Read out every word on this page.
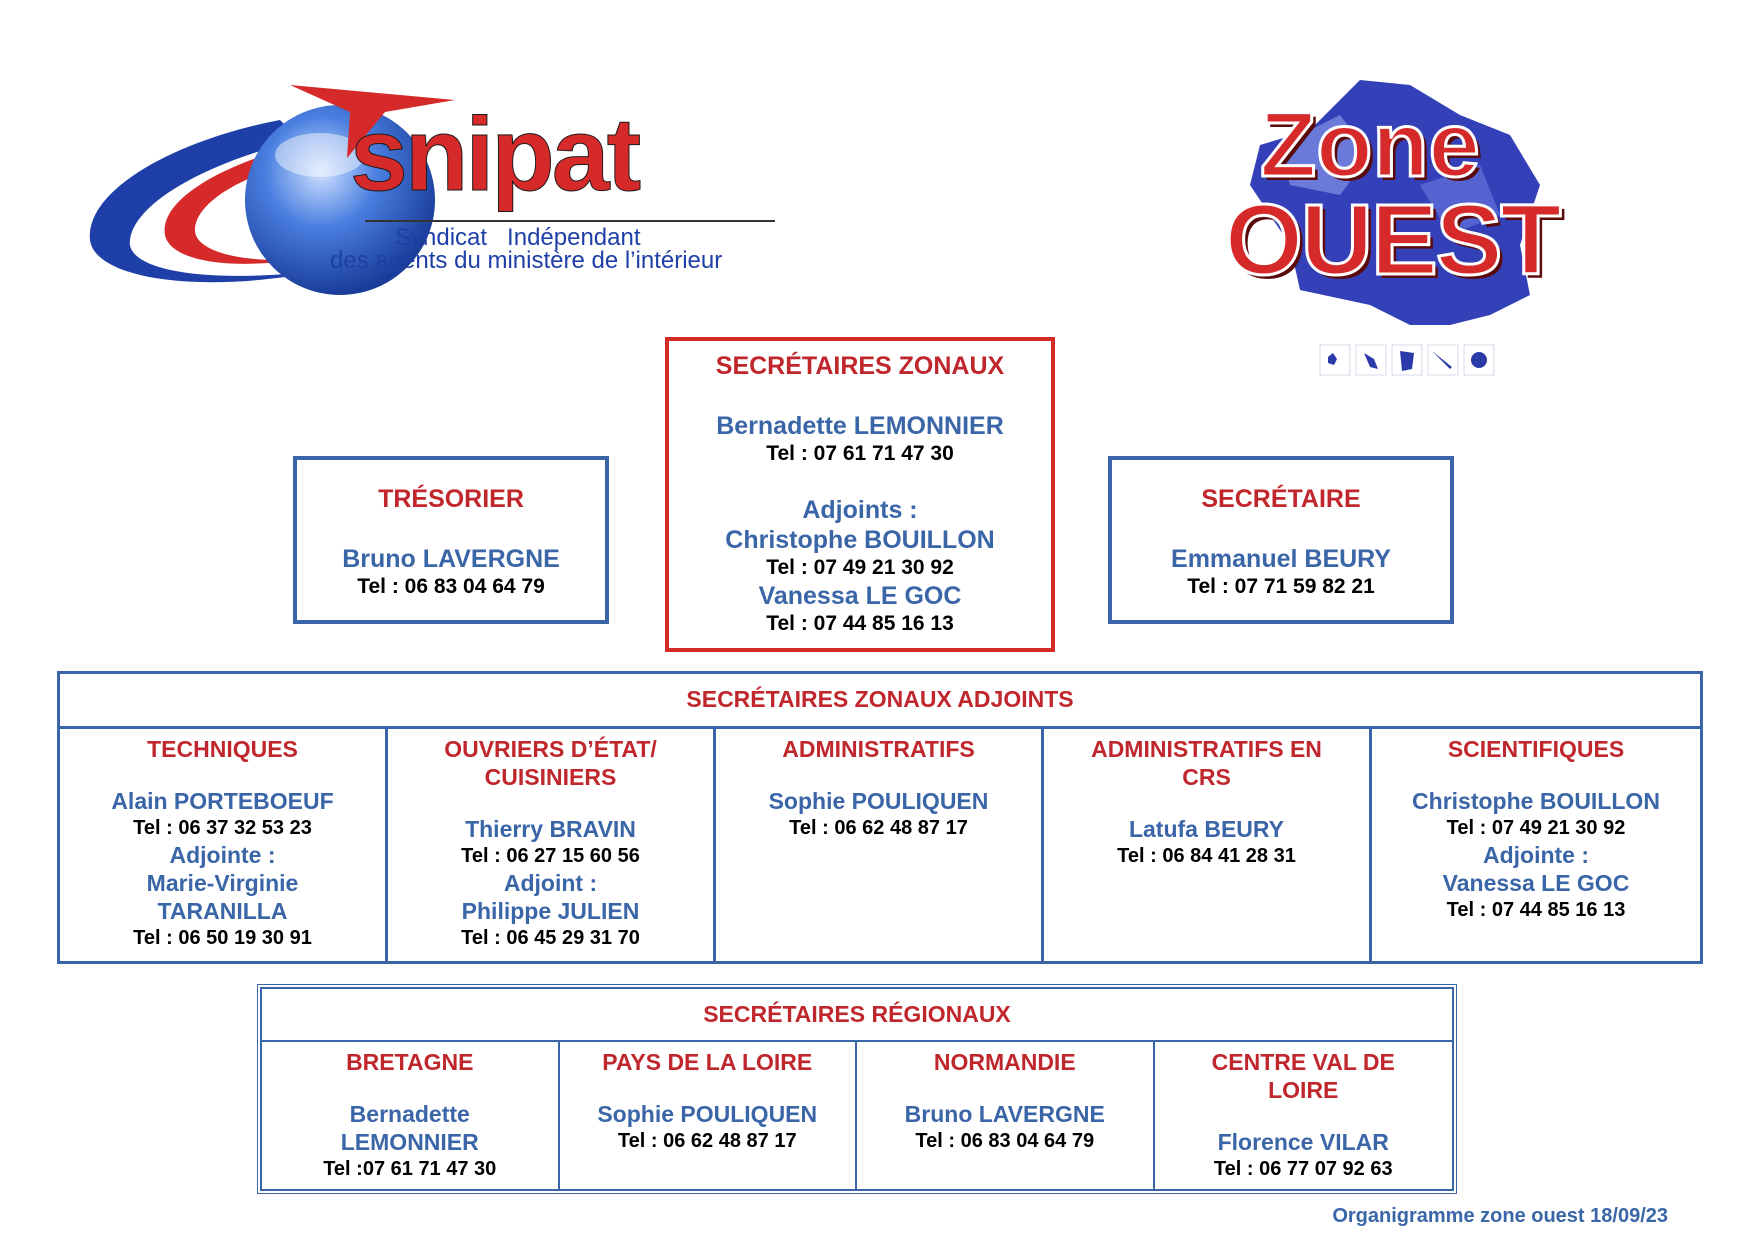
snipat
Syndicat   Indépendant
des agents du ministère de l’intérieur
Zone
OUEST
SECRÉTAIRES ZONAUX
Bernadette LEMONNIER
Tel : 07 61 71 47 30
Adjoints :
Christophe BOUILLON
Tel : 07 49 21 30 92
Vanessa LE GOC
Tel : 07 44 85 16 13
TRÉSORIER
Bruno LAVERGNE
Tel : 06 83 04 64 79
SECRÉTAIRE
Emmanuel BEURY
Tel : 07 71 59 82 21
SECRÉTAIRES ZONAUX ADJOINTS
TECHNIQUES
Alain PORTEBOEUF
Tel : 06 37 32 53 23
Adjointe :
Marie-Virginie
TARANILLA
Tel : 06 50 19 30 91
OUVRIERS D’ÉTAT/ CUISINIERS
Thierry BRAVIN
Tel : 06 27 15 60 56
Adjoint :
Philippe JULIEN
Tel : 06 45 29 31 70
ADMINISTRATIFS
Sophie POULIQUEN
Tel : 06 62 48 87 17
ADMINISTRATIFS EN CRS
Latufa BEURY
Tel : 06 84 41 28 31
SCIENTIFIQUES
Christophe BOUILLON
Tel : 07 49 21 30 92
Adjointe :
Vanessa LE GOC
Tel : 07 44 85 16 13
SECRÉTAIRES RÉGIONAUX
BRETAGNE
Bernadette
LEMONNIER
Tel :07 61 71 47 30
PAYS DE LA LOIRE
Sophie POULIQUEN
Tel : 06 62 48 87 17
NORMANDIE
Bruno LAVERGNE
Tel : 06 83 04 64 79
CENTRE VAL DE LOIRE
Florence VILAR
Tel : 06 77 07 92 63
Organigramme zone ouest 18/09/23
